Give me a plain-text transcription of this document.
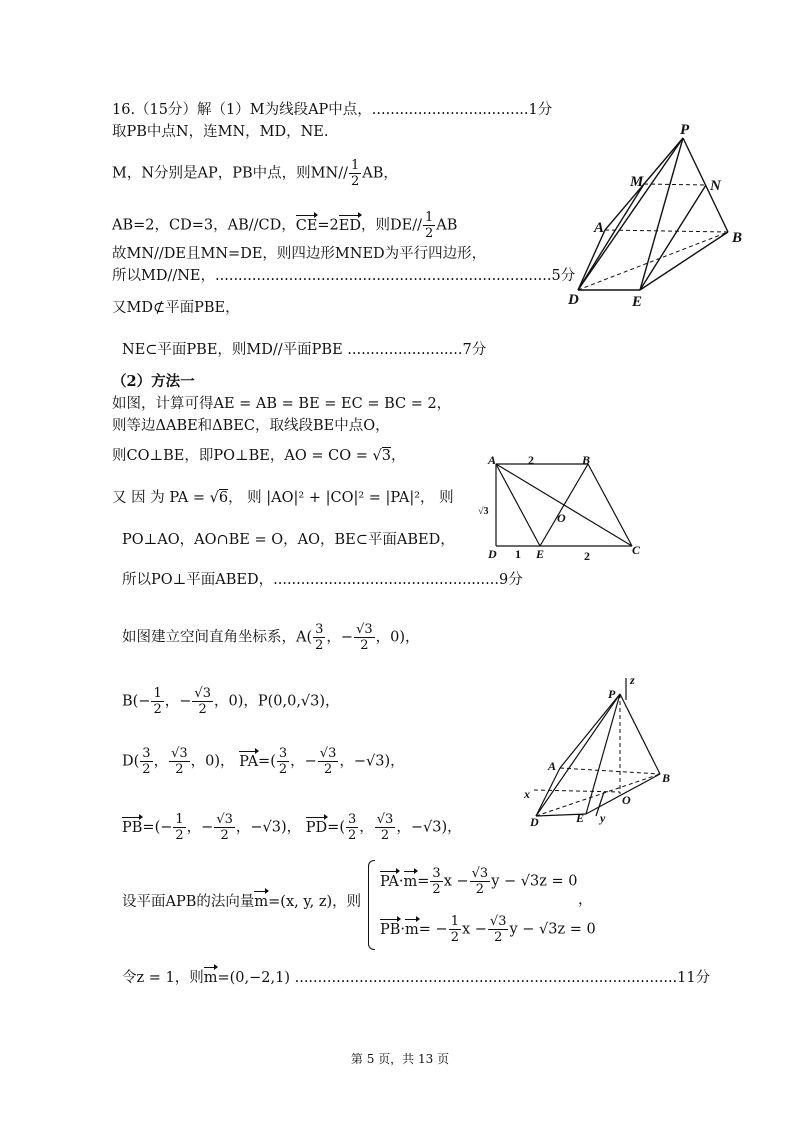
16.（15分）解（1）M为线段AP中点，..................................1分
取PB中点N，连MN，MD，NE.
M，N分别是AP，PB中点，则$MN// \frac{1}{2}$ AB，
AB=2，CD=3，AB//CD，CE=2ED，则$DE// \frac{1}{2}$ AB
故MN//DE且MN=DE，则四边形MNED为平行四边形，
所以MD//NE，.........................................................................5分
又MD⊄平面PBE，
NE⊂平面PBE，则MD//平面PBE .........................7分
（2）方法一
如图，计算可得AE = AB = BE = EC = BC = 2，
则等边ΔABE和ΔBEC，取线段BE中点O，
则CO⊥BE，即PO⊥BE，AO = CO = √3，
又 因 为 PA = √6， 则 |AO|² + |CO|² = |PA|²， 则
PO⊥AO，AO∩BE = O，AO，BE⊂平面ABED，
所以PO⊥平面ABED，.................................................9分
如图建立空间直角坐标系，$A( \frac{3}{2}$ ，− $\frac{√3}{2}$ ，0)，
$B(- \frac{1}{2}$ ，− $\frac{√3}{2}$ ，0)，P(0,0,√3)，
$D( \frac{3}{2}$ ， $\frac{√3}{2}$ ，0)， $PA=( \frac{3}{2}$ ，− $\frac{√3}{2}$ ，−√3)，
$PB=(- \frac{1}{2}$ ，− $\frac{√3}{2}$ ，−√3)， $PD=( \frac{3}{2}$ ， $\frac{√3}{2}$ ，−√3)，
设平面APB的法向量m=(x, y, z)，则
$PA\cdot m= \frac{3}{2}$ $x - \frac{√3}{2}$ y − √3z = 0
，
$PB\cdot m= - \frac{1}{2}$ $x - \frac{√3}{2}$ y − √3z = 0
令z = 1，则m=(0,−2,1) ...................................................................................11分
P
M	N
A
B
D	E
A	2	B
√3	O
D 1 E	2	C
P
z
A
B
x	O
D	E y
第 5 页，共 13 页
